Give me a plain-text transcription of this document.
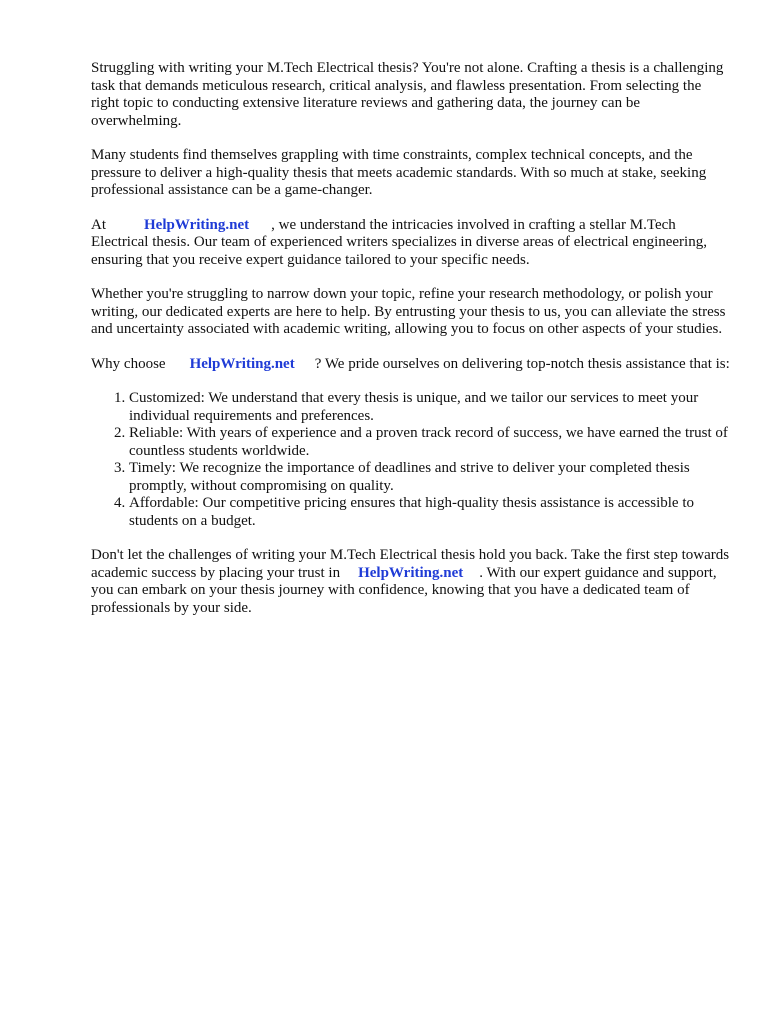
Struggling with writing your M.Tech Electrical thesis? You're not alone. Crafting a thesis is a challenging task that demands meticulous research, critical analysis, and flawless presentation. From selecting the right topic to conducting extensive literature reviews and gathering data, the journey can be overwhelming.

Many students find themselves grappling with time constraints, complex technical concepts, and the pressure to deliver a high-quality thesis that meets academic standards. With so much at stake, seeking professional assistance can be a game-changer.

At	HelpWriting.net , we understand the intricacies involved in crafting a stellar M.Tech Electrical thesis. Our team of experienced writers specializes in diverse areas of electrical engineering, ensuring that you receive expert guidance tailored to your specific needs.

Whether you're struggling to narrow down your topic, refine your research methodology, or polish your writing, our dedicated experts are here to help. By entrusting your thesis to us, you can alleviate the stress and uncertainty associated with academic writing, allowing you to focus on other aspects of your studies.

Why choose HelpWriting.net ? We pride ourselves on delivering top-notch thesis assistance that is:

1. Customized: We understand that every thesis is unique, and we tailor our services to meet your individual requirements and preferences.
2. Reliable: With years of experience and a proven track record of success, we have earned the trust of countless students worldwide.
3. Timely: We recognize the importance of deadlines and strive to deliver your completed thesis promptly, without compromising on quality.
4. Affordable: Our competitive pricing ensures that high-quality thesis assistance is accessible to students on a budget.

Don't let the challenges of writing your M.Tech Electrical thesis hold you back. Take the first step towards academic success by placing your trust in HelpWriting.net . With our expert guidance and support, you can embark on your thesis journey with confidence, knowing that you have a dedicated team of professionals by your side.
